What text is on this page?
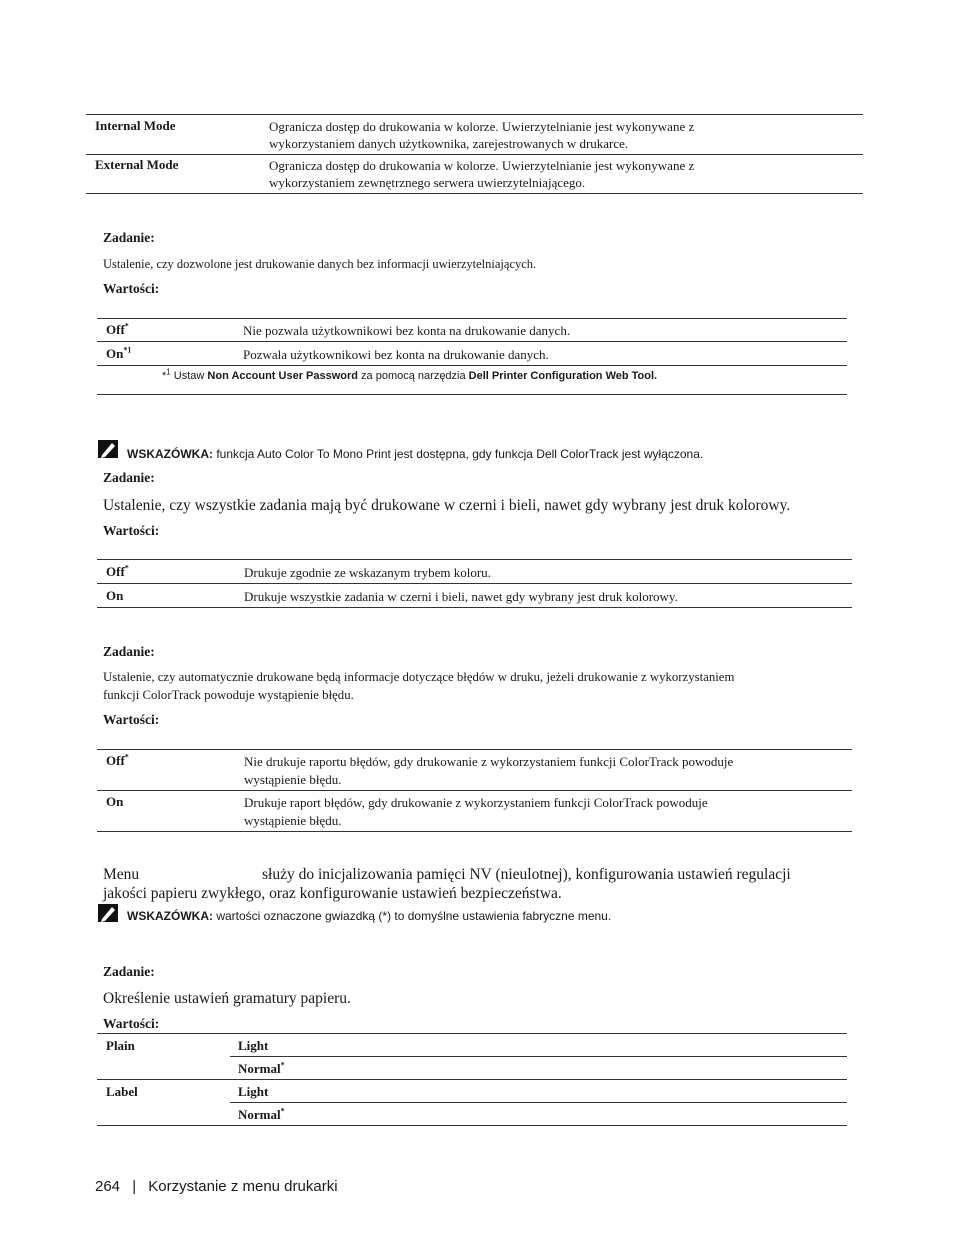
Internal Mode	Ogranicza dostęp do drukowania w kolorze. Uwierzytelnianie jest wykonywane z
wykorzystaniem danych użytkownika, zarejestrowanych w drukarce.
External Mode	Ogranicza dostęp do drukowania w kolorze. Uwierzytelnianie jest wykonywane z
wykorzystaniem zewnętrznego serwera uwierzytelniającego.
Zadanie:
Ustalenie, czy dozwolone jest drukowanie danych bez informacji uwierzytelniających.
Wartości:
Off*	Nie pozwala użytkownikowi bez konta na drukowanie danych.
On$^{*1}$	Pozwala użytkownikowi bez konta na drukowanie danych.
*$^1$ Ustaw Non Account User Password za pomocą narzędzia Dell Printer Configuration Web Tool.
WSKAZÓWKA: funkcja Auto Color To Mono Print jest dostępna, gdy funkcja Dell ColorTrack jest wyłączona.
Zadanie:
Ustalenie, czy wszystkie zadania mają być drukowane w czerni i bieli, nawet gdy wybrany jest druk kolorowy.
Wartości:
Off*	Drukuje zgodnie ze wskazanym trybem koloru.
On	Drukuje wszystkie zadania w czerni i bieli, nawet gdy wybrany jest druk kolorowy.
Zadanie:
Ustalenie, czy automatycznie drukowane będą informacje dotyczące błędów w druku, jeżeli drukowanie z wykorzystaniem
funkcji ColorTrack powoduje wystąpienie błędu.
Wartości:
Off*	Nie drukuje raportu błędów, gdy drukowanie z wykorzystaniem funkcji ColorTrack powoduje
wystąpienie błędu.
On	Drukuje raport błędów, gdy drukowanie z wykorzystaniem funkcji ColorTrack powoduje
wystąpienie błędu.
Menu	służy do inicjalizowania pamięci NV (nieulotnej), konfigurowania ustawień regulacji
jakości papieru zwykłego, oraz konfigurowanie ustawień bezpieczeństwa.
WSKAZÓWKA: wartości oznaczone gwiazdką (*) to domyślne ustawienia fabryczne menu.
Zadanie:
Określenie ustawień gramatury papieru.
Wartości:
Plain	Light
Normal*
Label	Light
Normal*
264 | Korzystanie z menu drukarki
